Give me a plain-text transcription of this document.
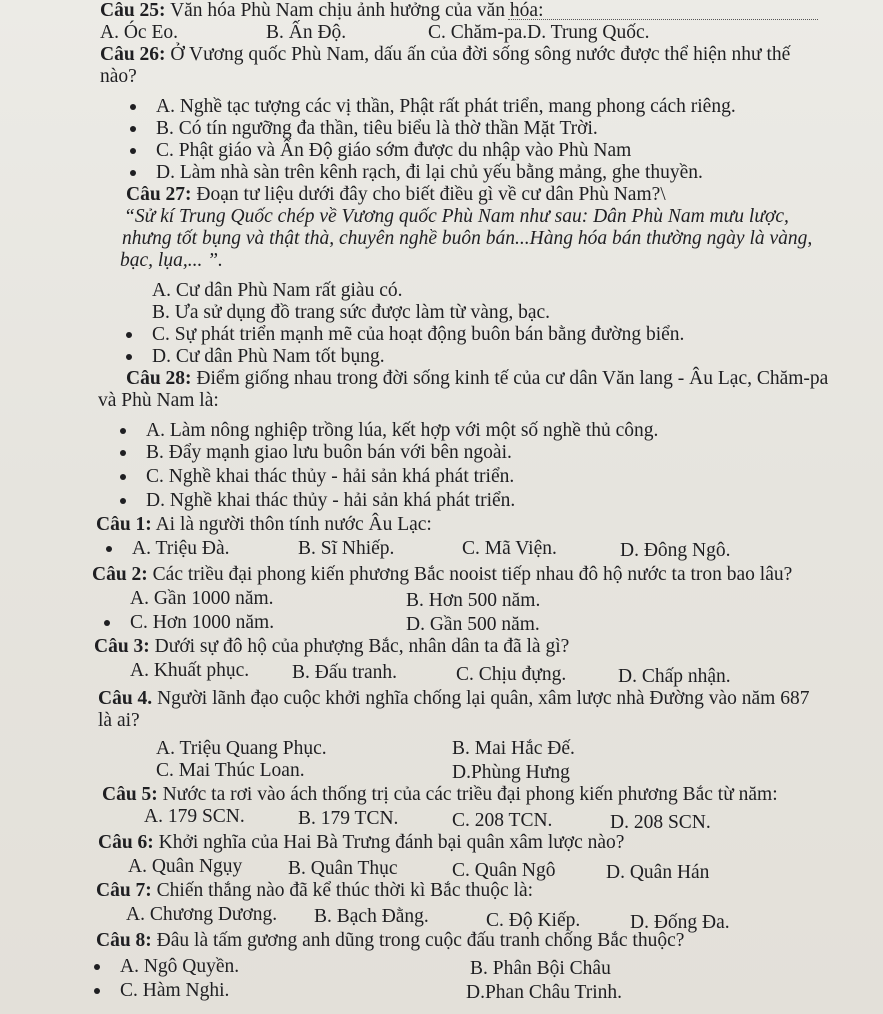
Câu 25: Văn hóa Phù Nam chịu ảnh hưởng của văn hóa:
A. Óc Eo.	B. Ấn Độ.	C. Chăm-pa.D. Trung Quốc.
Câu 26: Ở Vương quốc Phù Nam, dấu ấn của đời sống sông nước được thể hiện như thế
nào?
A. Nghề tạc tượng các vị thần, Phật rất phát triển, mang phong cách riêng.
B. Có tín ngưỡng đa thần, tiêu biểu là thờ thần Mặt Trời.
C. Phật giáo và Ấn Độ giáo sớm được du nhập vào Phù Nam
D. Làm nhà sàn trên kênh rạch, đi lại chủ yếu bằng mảng, ghe thuyền.
Câu 27: Đoạn tư liệu dưới đây cho biết điều gì về cư dân Phù Nam?\
“Sử kí Trung Quốc chép về Vương quốc Phù Nam như sau: Dân Phù Nam mưu lược,
nhưng tốt bụng và thật thà, chuyên nghề buôn bán...Hàng hóa bán thường ngày là vàng,
bạc, lụa,... ”.
A. Cư dân Phù Nam rất giàu có.
B. Ưa sử dụng đồ trang sức được làm từ vàng, bạc.
C. Sự phát triển mạnh mẽ của hoạt động buôn bán bằng đường biển.
D. Cư dân Phù Nam tốt bụng.
Câu 28: Điểm giống nhau trong đời sống kinh tế của cư dân Văn lang - Âu Lạc, Chăm-pa
và Phù Nam là:
A. Làm nông nghiệp trồng lúa, kết hợp với một số nghề thủ công.
B. Đẩy mạnh giao lưu buôn bán với bên ngoài.
C. Nghề khai thác thủy - hải sản khá phát triển.
D. Nghề khai thác thủy - hải sản khá phát triển.
Câu 1: Ai là người thôn tính nước Âu Lạc:
A. Triệu Đà.	B. Sĩ Nhiếp.	C. Mã Viện.	D. Đông Ngô.
Câu 2: Các triều đại phong kiến phương Bắc nooist tiếp nhau đô hộ nước ta tron bao lâu?
A. Gần 1000 năm.	B. Hơn 500 năm.
C. Hơn 1000 năm.	D. Gần 500 năm.
Câu 3: Dưới sự đô hộ của phượng Bắc, nhân dân ta đã là gì?
A. Khuất phục. B. Đấu tranh.	C. Chịu đựng.	D. Chấp nhận.
Câu 4. Người lãnh đạo cuộc khởi nghĩa chống lại quân, xâm lược nhà Đường vào năm 687
là ai?
A. Triệu Quang Phục.	B. Mai Hắc Đế.
C. Mai Thúc Loan.	D.Phùng Hưng
Câu 5: Nước ta rơi vào ách thống trị của các triều đại phong kiến phương Bắc từ năm:
A. 179 SCN.	B. 179 TCN.	C. 208 TCN.	D. 208 SCN.
Câu 6: Khởi nghĩa của Hai Bà Trưng đánh bại quân xâm lược nào?
A. Quân Ngụy B. Quân Thục	C. Quân Ngô	D. Quân Hán
Câu 7: Chiến thắng nào đã kể thúc thời kì Bắc thuộc là:
A. Chương Dương. B. Bạch Đằng.	C. Độ Kiếp.	D. Đống Đa.
Câu 8: Đâu là tấm gương anh dũng trong cuộc đấu tranh chống Bắc thuộc?
A. Ngô Quyền.	B. Phân Bội Châu
C. Hàm Nghi.	D.Phan Châu Trinh.
